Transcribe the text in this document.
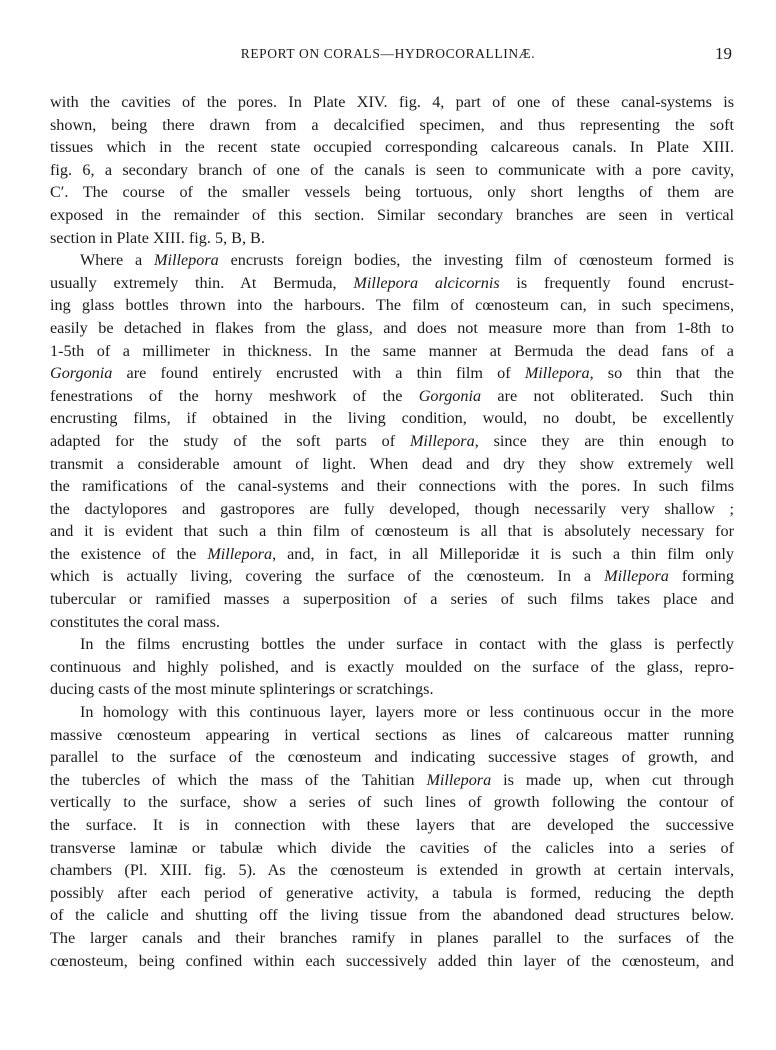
REPORT ON CORALS—HYDROCORALLINÆ.	19
with the cavities of the pores. In Plate XIV. fig. 4, part of one of these canal-systems is
shown, being there drawn from a decalcified specimen, and thus representing the soft
tissues which in the recent state occupied corresponding calcareous canals. In Plate XIII.
fig. 6, a secondary branch of one of the canals is seen to communicate with a pore cavity,
C′. The course of the smaller vessels being tortuous, only short lengths of them are
exposed in the remainder of this section. Similar secondary branches are seen in vertical
section in Plate XIII. fig. 5, B, B.
Where a Millepora encrusts foreign bodies, the investing film of cœnosteum formed is
usually extremely thin. At Bermuda, Millepora alcicornis is frequently found encrust-
ing glass bottles thrown into the harbours. The film of cœnosteum can, in such specimens,
easily be detached in flakes from the glass, and does not measure more than from 1-8th to
1-5th of a millimeter in thickness. In the same manner at Bermuda the dead fans of a
Gorgonia are found entirely encrusted with a thin film of Millepora, so thin that the
fenestrations of the horny meshwork of the Gorgonia are not obliterated. Such thin
encrusting films, if obtained in the living condition, would, no doubt, be excellently
adapted for the study of the soft parts of Millepora, since they are thin enough to
transmit a considerable amount of light. When dead and dry they show extremely well
the ramifications of the canal-systems and their connections with the pores. In such films
the dactylopores and gastropores are fully developed, though necessarily very shallow ;
and it is evident that such a thin film of cœnosteum is all that is absolutely necessary for
the existence of the Millepora, and, in fact, in all Milleporidæ it is such a thin film only
which is actually living, covering the surface of the cœnosteum. In a Millepora forming
tubercular or ramified masses a superposition of a series of such films takes place and
constitutes the coral mass.
In the films encrusting bottles the under surface in contact with the glass is perfectly
continuous and highly polished, and is exactly moulded on the surface of the glass, repro-
ducing casts of the most minute splinterings or scratchings.
In homology with this continuous layer, layers more or less continuous occur in the more
massive cœnosteum appearing in vertical sections as lines of calcareous matter running
parallel to the surface of the cœnosteum and indicating successive stages of growth, and
the tubercles of which the mass of the Tahitian Millepora is made up, when cut through
vertically to the surface, show a series of such lines of growth following the contour of
the surface. It is in connection with these layers that are developed the successive
transverse laminæ or tabulæ which divide the cavities of the calicles into a series of
chambers (Pl. XIII. fig. 5). As the cœnosteum is extended in growth at certain intervals,
possibly after each period of generative activity, a tabula is formed, reducing the depth
of the calicle and shutting off the living tissue from the abandoned dead structures below.
The larger canals and their branches ramify in planes parallel to the surfaces of the
cœnosteum, being confined within each successively added thin layer of the cœnosteum, and
